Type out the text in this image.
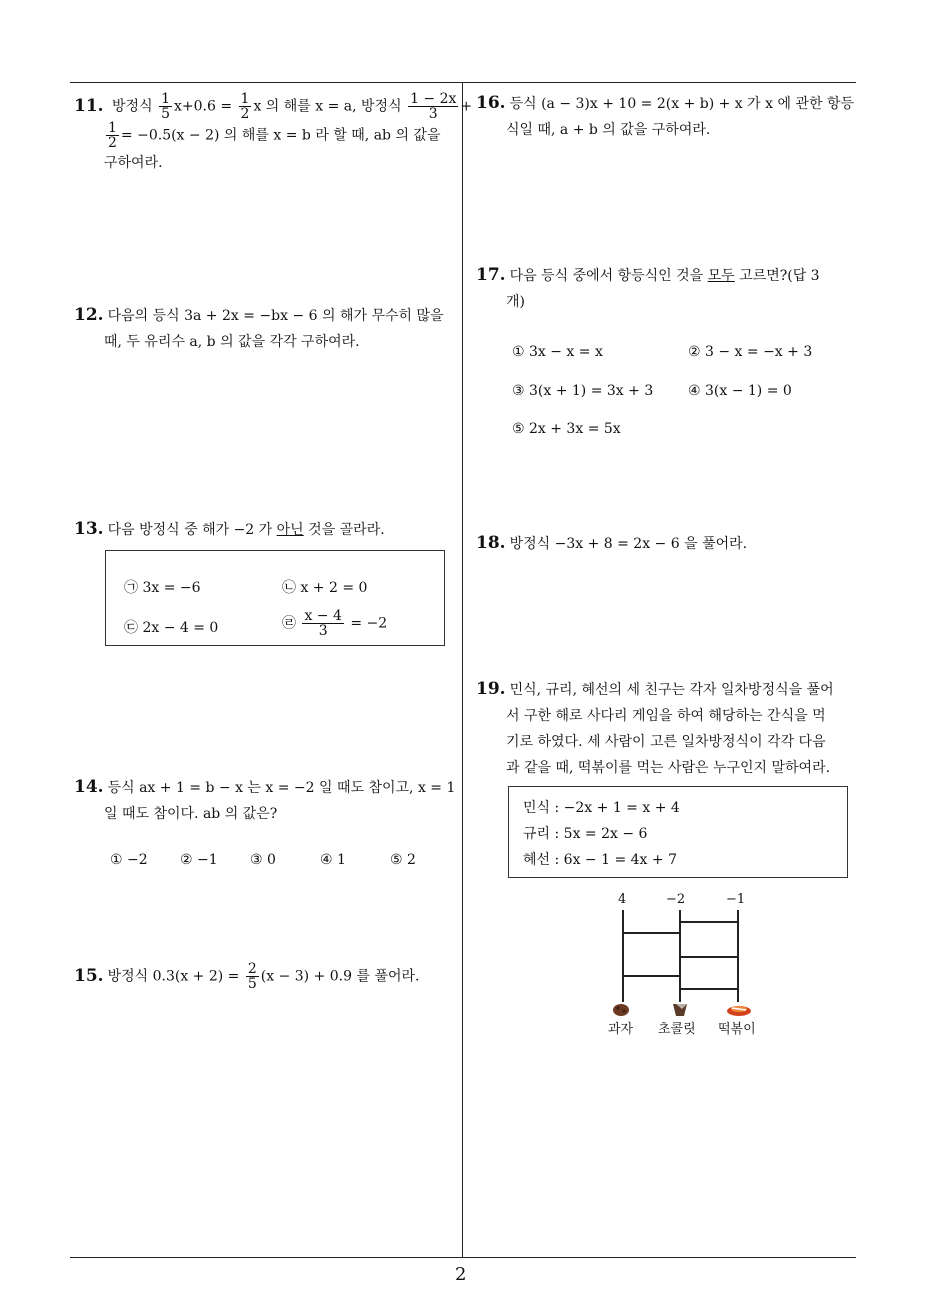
11. 방정식 $\frac{1}{5} x+0.6 = \frac{1}{2}$ x 의 해를 x = a, 방정식 $\frac{1 - 2x}{3}$ +
$\frac{1}{2} = -0.5(x - 2)$ 의 해를 x = b 라 할 때, ab 의 값을
구하여라.
12. 다음의 등식 3a + 2x = −bx − 6 의 해가 무수히 많을
때, 두 유리수 a, b 의 값을 각각 구하여라.
13. 다음 방정식 중 해가 −2 가 아닌 것을 골라라.
㉠ 3x = −6	㉡ x + 2 = 0
㉢ 2x − 4 = 0	㉣ $\frac{x - 4}{3} = -2$
14. 등식 ax + 1 = b − x 는 x = −2 일 때도 참이고, x = 1
일 때도 참이다. ab 의 값은?
① −2 ② −1 ③ 0	④ 1	⑤ 2
15. 방정식 $0.3(x + 2) = \frac{2}{5} (x - 3) + 0.9$ 를 풀어라.
16. 등식 (a − 3)x + 10 = 2(x + b) + x 가 x 에 관한 항등
식일 때, a + b 의 값을 구하여라.
17. 다음 등식 중에서 항등식인 것을 모두 고르면?(답 3
개)
① 3x − x = x	② 3 − x = −x + 3
③ 3(x + 1) = 3x + 3 ④ 3(x − 1) = 0
⑤ 2x + 3x = 5x
18. 방정식 −3x + 8 = 2x − 6 을 풀어라.
19. 민식, 규리, 혜선의 세 친구는 각자 일차방정식을 풀어
서 구한 해로 사다리 게임을 하여 해당하는 간식을 먹
기로 하였다. 세 사람이 고른 일차방정식이 각각 다음
과 같을 때, 떡볶이를 먹는 사람은 누구인지 말하여라.
민식 : −2x + 1 = x + 4
규리 : 5x = 2x − 6
혜선 : 6x − 1 = 4x + 7
4	−2	−1
과자 초콜릿 떡볶이
2
